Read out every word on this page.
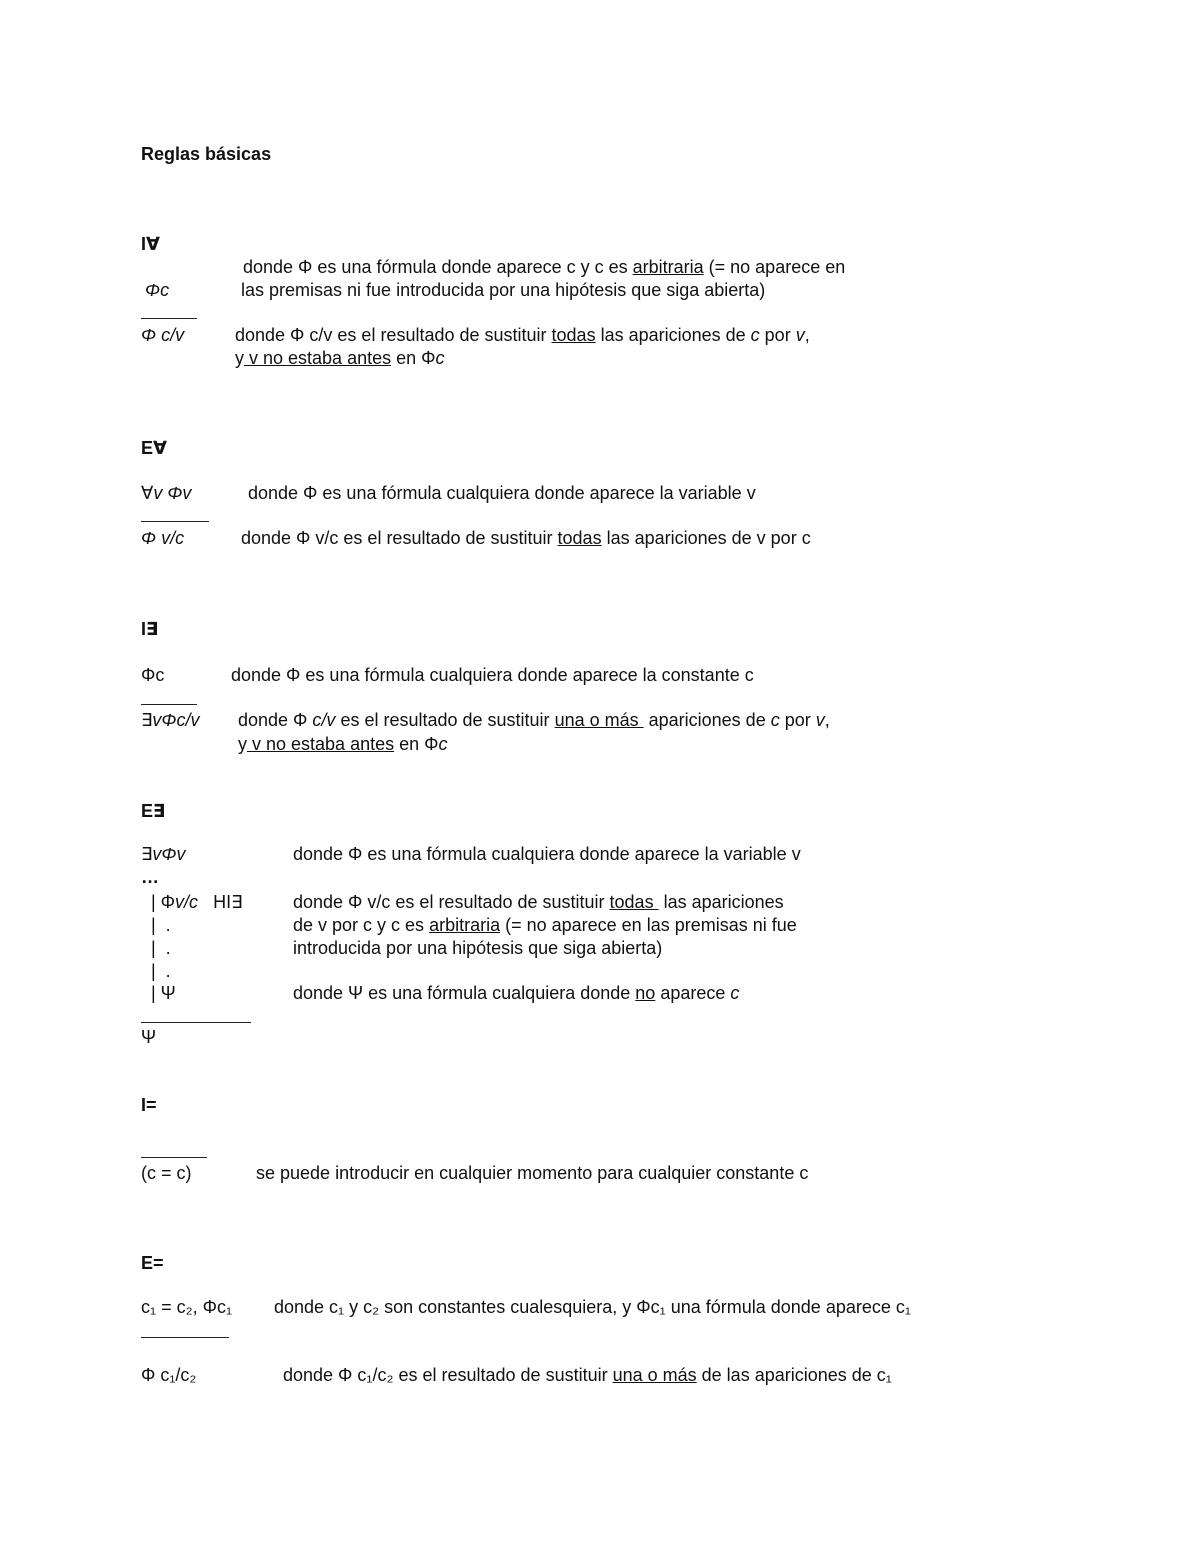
Reglas básicas
I∀
donde Φ es una fórmula donde aparece c y c es arbitraria (= no aparece en
Φc	las premisas ni fue introducida por una hipótesis que siga abierta)
Φ c/v	donde Φ c/v es el resultado de sustituir todas las apariciones de c por v,
y v no estaba antes en Φc
E∀
∀v Φv	donde Φ es una fórmula cualquiera donde aparece la variable v
Φ v/c	donde Φ v/c es el resultado de sustituir todas las apariciones de v por c
I∃
Φc	donde Φ es una fórmula cualquiera donde aparece la constante c
∃vΦc/v donde Φ c/v es el resultado de sustituir una o más  apariciones de c por v,
y v no estaba antes en Φc
E∃
∃vΦv	donde Φ es una fórmula cualquiera donde aparece la variable v
…
| Φv/c   HI∃	donde Φ v/c es el resultado de sustituir todas  las apariciones
|  .	de v por c y c es arbitraria (= no aparece en las premisas ni fue
|  .	introducida por una hipótesis que siga abierta)
|  .
| Ψ	donde Ψ es una fórmula cualquiera donde no aparece c
Ψ
I=
(c = c)	se puede introducir en cualquier momento para cualquier constante c
E=
c₁ = c₂, Φc₁ donde c₁ y c₂ son constantes cualesquiera, y Φc₁ una fórmula donde aparece c₁
Φ c₁/c₂	donde Φ c₁/c₂ es el resultado de sustituir una o más de las apariciones de c₁
